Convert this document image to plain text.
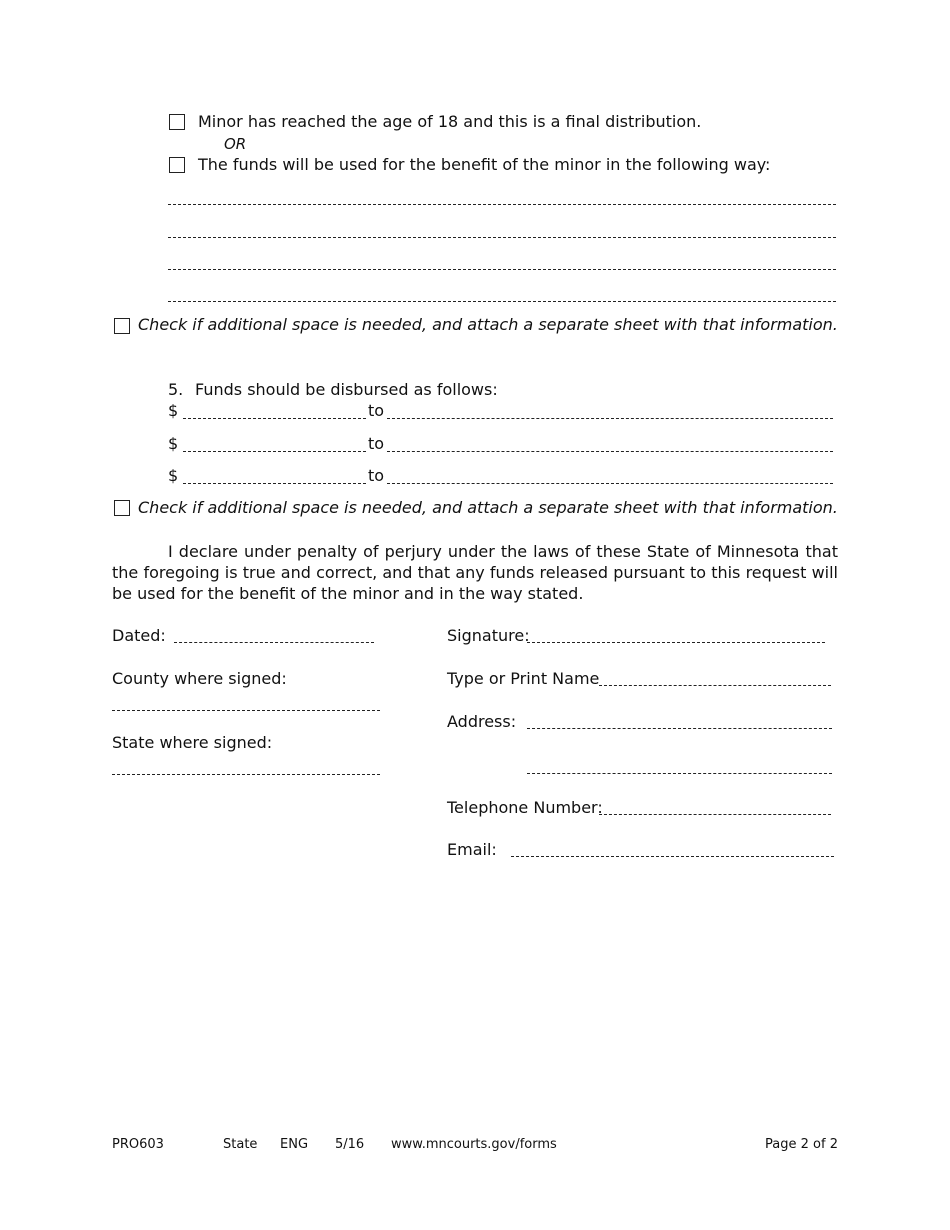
Minor has reached the age of 18 and this is a final distribution.
OR
The funds will be used for the benefit of the minor in the following way:
Check if additional space is needed, and attach a separate sheet with that information.
5. Funds should be disbursed as follows:
$	to
$	to
$	to
Check if additional space is needed, and attach a separate sheet with that information.
I declare under penalty of perjury under the laws of these State of Minnesota that the foregoing is true and correct, and that any funds released pursuant to this request will be used for the benefit of the minor and in the way stated.
Dated:
County where signed:
State where signed:
Signature:
Type or Print Name
Address:
Telephone Number:
Email:
PRO603	State ENG 5/16 www.mncourts.gov/forms	Page 2 of 2
